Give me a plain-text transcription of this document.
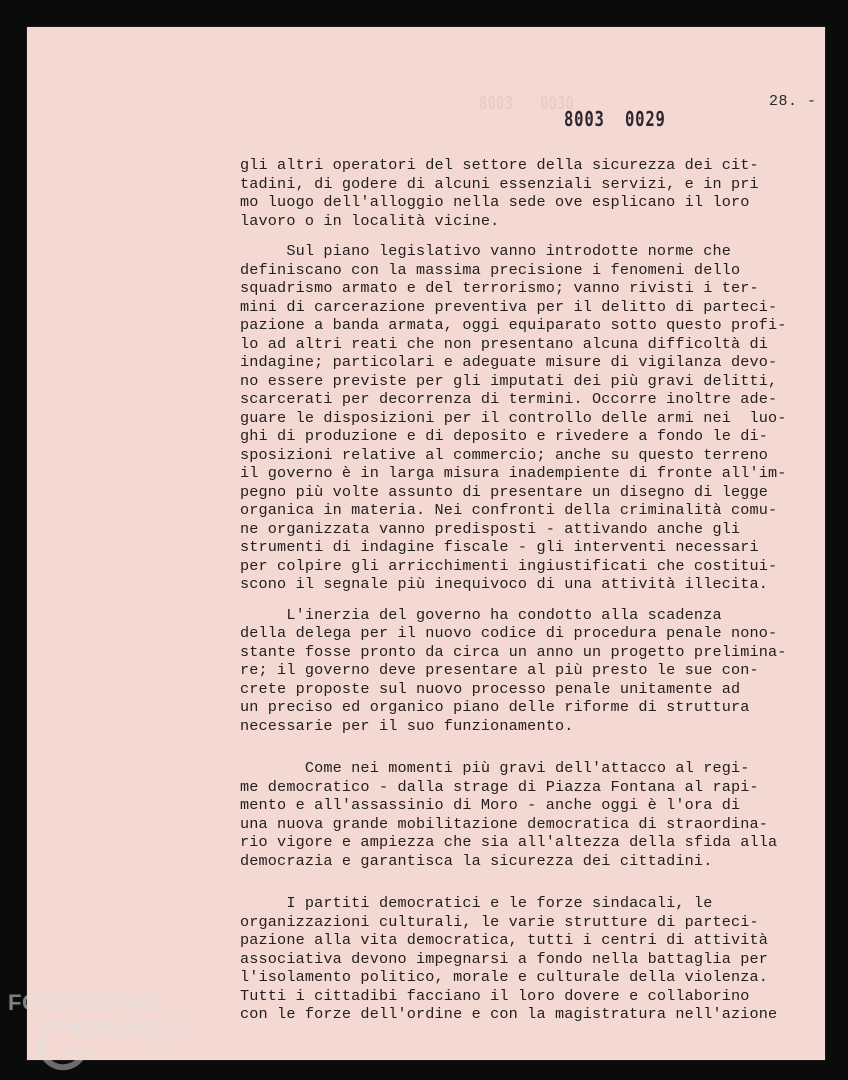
8003 0030
8003 0029
28. -
gli altri operatori del settore della sicurezza dei cit-
tadini, di godere di alcuni essenziali servizi, e in pri
mo luogo dell'alloggio nella sede ove esplicano il loro
lavoro o in località vicine.
Sul piano legislativo vanno introdotte norme che
definiscano con la massima precisione i fenomeni dello
squadrismo armato e del terrorismo; vanno rivisti i ter-
mini di carcerazione preventiva per il delitto di parteci-
pazione a banda armata, oggi equiparato sotto questo profi-
lo ad altri reati che non presentano alcuna difficoltà di
indagine; particolari e adeguate misure di vigilanza devo-
no essere previste per gli imputati dei più gravi delitti,
scarcerati per decorrenza di termini. Occorre inoltre ade-
guare le disposizioni per il controllo delle armi nei  luo-
ghi di produzione e di deposito e rivedere a fondo le di-
sposizioni relative al commercio; anche su questo terreno
il governo è in larga misura inadempiente di fronte all'im-
pegno più volte assunto di presentare un disegno di legge
organica in materia. Nei confronti della criminalità comu-
ne organizzata vanno predisposti - attivando anche gli
strumenti di indagine fiscale - gli interventi necessari
per colpire gli arricchimenti ingiustificati che costitui-
scono il segnale più inequivoco di una attività illecita.
L'inerzia del governo ha condotto alla scadenza
della delega per il nuovo codice di procedura penale nono-
stante fosse pronto da circa un anno un progetto prelimina-
re; il governo deve presentare al più presto le sue con-
crete proposte sul nuovo processo penale unitamente ad
un preciso ed organico piano delle riforme di struttura
necessarie per il suo funzionamento.
Come nei momenti più gravi dell'attacco al regi-
me democratico - dalla strage di Piazza Fontana al rapi-
mento e all'assassinio di Moro - anche oggi è l'ora di
una nuova grande mobilitazione democratica di straordina-
rio vigore e ampiezza che sia all'altezza della sfida alla
democrazia e garantisca la sicurezza dei cittadini.
I partiti democratici e le forze sindacali, le
organizzazioni culturali, le varie strutture di parteci-
pazione alla vita democratica, tutti i centri di attività
associativa devono impegnarsi a fondo nella battaglia per
l'isolamento politico, morale e culturale della violenza.
Tutti i cittadibi facciano il loro dovere e collaborino
con le forze dell'ordine e con la magistratura nell'azione
FONDAZIONE
GRAMSCI
onlus
